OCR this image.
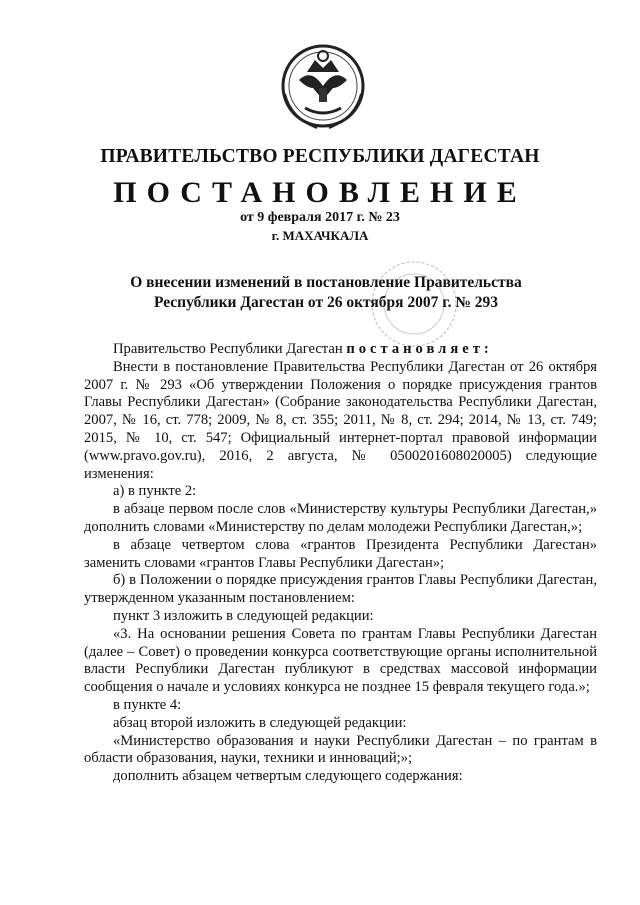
ПРАВИТЕЛЬСТВО РЕСПУБЛИКИ ДАГЕСТАН
ПОСТАНОВЛЕНИЕ
от 9 февраля 2017 г. № 23
г. МАХАЧКАЛА
О внесении изменений в постановление Правительства
Республики Дагестан от 26 октября 2007 г. № 293

Правительство Республики Дагестан постановляет:

Внести в постановление Правительства Республики Дагестан от 26 октября 2007 г. № 293 «Об утверждении Положения о порядке присуждения грантов Главы Республики Дагестан» (Собрание законодательства Республики Дагестан, 2007, № 16, ст. 778; 2009, № 8, ст. 355; 2011, № 8, ст. 294; 2014, № 13, ст. 749; 2015, № 10, ст. 547; Официальный интернет-портал правовой информации (www.pravo.gov.ru), 2016, 2 августа, № 0500201608020005) следующие изменения:

а) в пункте 2:

в абзаце первом после слов «Министерству культуры Республики Дагестан,» дополнить словами «Министерству по делам молодежи Республики Дагестан,»;

в абзаце четвертом слова «грантов Президента Республики Дагестан» заменить словами «грантов Главы Республики Дагестан»;

б) в Положении о порядке присуждения грантов Главы Республики Дагестан, утвержденном указанным постановлением:

пункт 3 изложить в следующей редакции:

«3. На основании решения Совета по грантам Главы Республики Дагестан (далее – Совет) о проведении конкурса соответствующие органы исполнительной власти Республики Дагестан публикуют в средствах массовой информации сообщения о начале и условиях конкурса не позднее 15 февраля текущего года.»;

в пункте 4:

абзац второй изложить в следующей редакции:

«Министерство образования и науки Республики Дагестан – по грантам в области образования, науки, техники и инноваций;»;

дополнить абзацем четвертым следующего содержания:
